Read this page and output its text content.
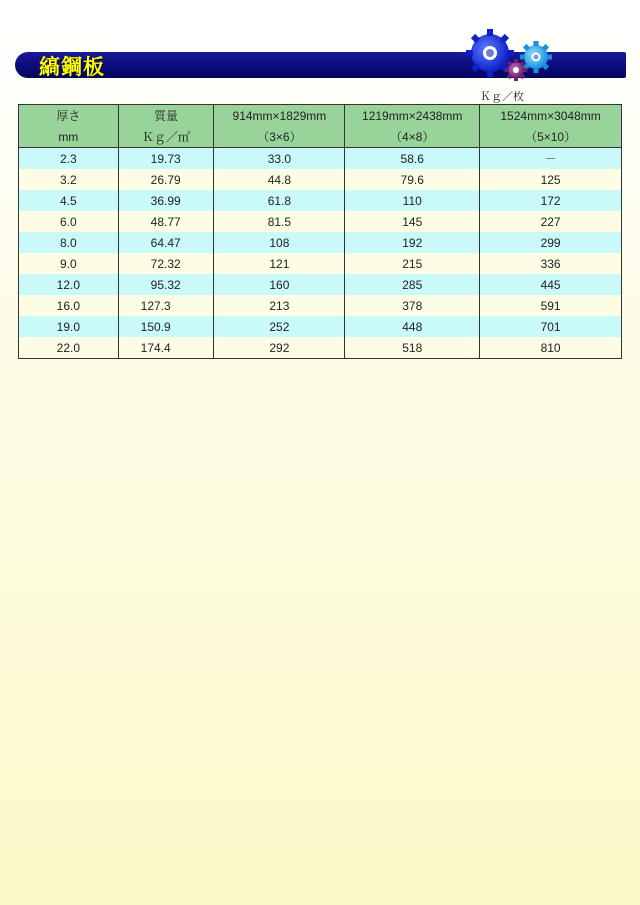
縞鋼板
Ｋｇ／枚
厚さ	質量	914mm×1829mm	1219mm×2438mm	1524mm×3048mm
mm	Ｋｇ／㎡	（3×6）	（4×8）	（5×10）
2.3	19.73	33.0	58.6	－
3.2	26.79	44.8	79.6	125
4.5	36.99	61.8	110	172
6.0	48.77	81.5	145	227
8.0	64.47	108	192	299
9.0	72.32	121	215	336
12.0	95.32	160	285	445
16.0	127.3	213	378	591
19.0	150.9	252	448	701
22.0	174.4	292	518	810
